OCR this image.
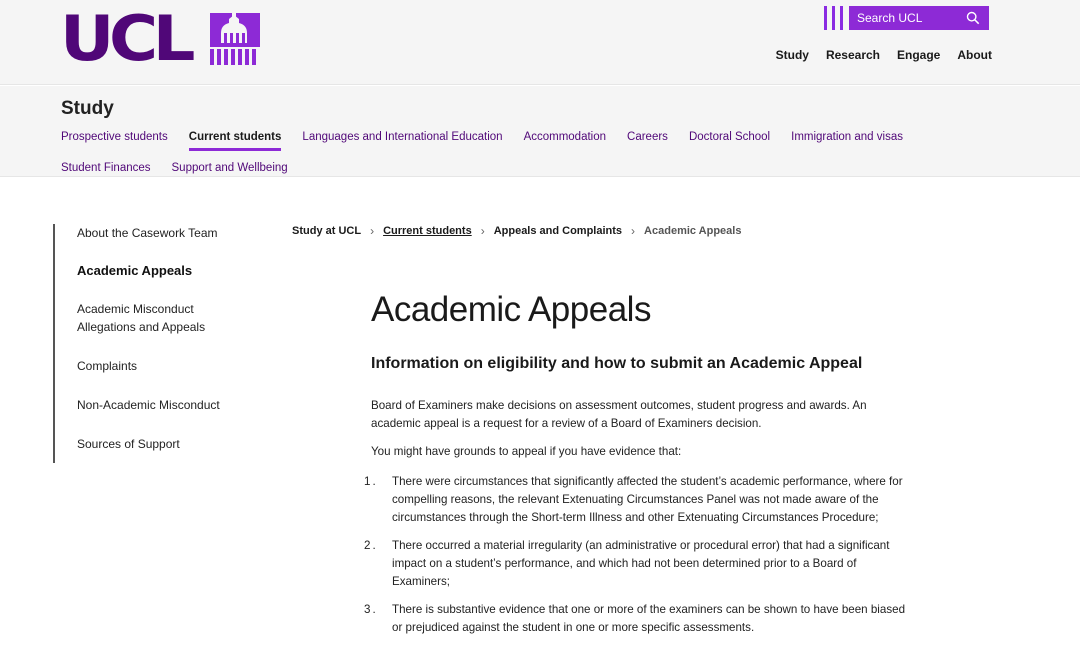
UCL	Search UCL
Study Research Engage About
Study
Prospective students Current students Languages and International Education Accommodation Careers Doctoral School Immigration and visas
Student Finances Support and Wellbeing
About the Casework Team
Academic Appeals
Academic Misconduct Allegations and Appeals
Complaints
Non-Academic Misconduct
Sources of Support
Study at UCL › Current students › Appeals and Complaints › Academic Appeals
Academic Appeals
Information on eligibility and how to submit an Academic Appeal

Board of Examiners make decisions on assessment outcomes, student progress and awards. An academic appeal is a request for a review of a Board of Examiners decision.

You might have grounds to appeal if you have evidence that:

1. There were circumstances that significantly affected the student’s academic performance, where for compelling reasons, the relevant Extenuating Circumstances Panel was not made aware of the circumstances through the Short-term Illness and other Extenuating Circumstances Procedure;
2. There occurred a material irregularity (an administrative or procedural error) that had a significant impact on a student’s performance, and which had not been determined prior to a Board of Examiners;
3. There is substantive evidence that one or more of the examiners can be shown to have been biased or prejudiced against the student in one or more specific assessments.
